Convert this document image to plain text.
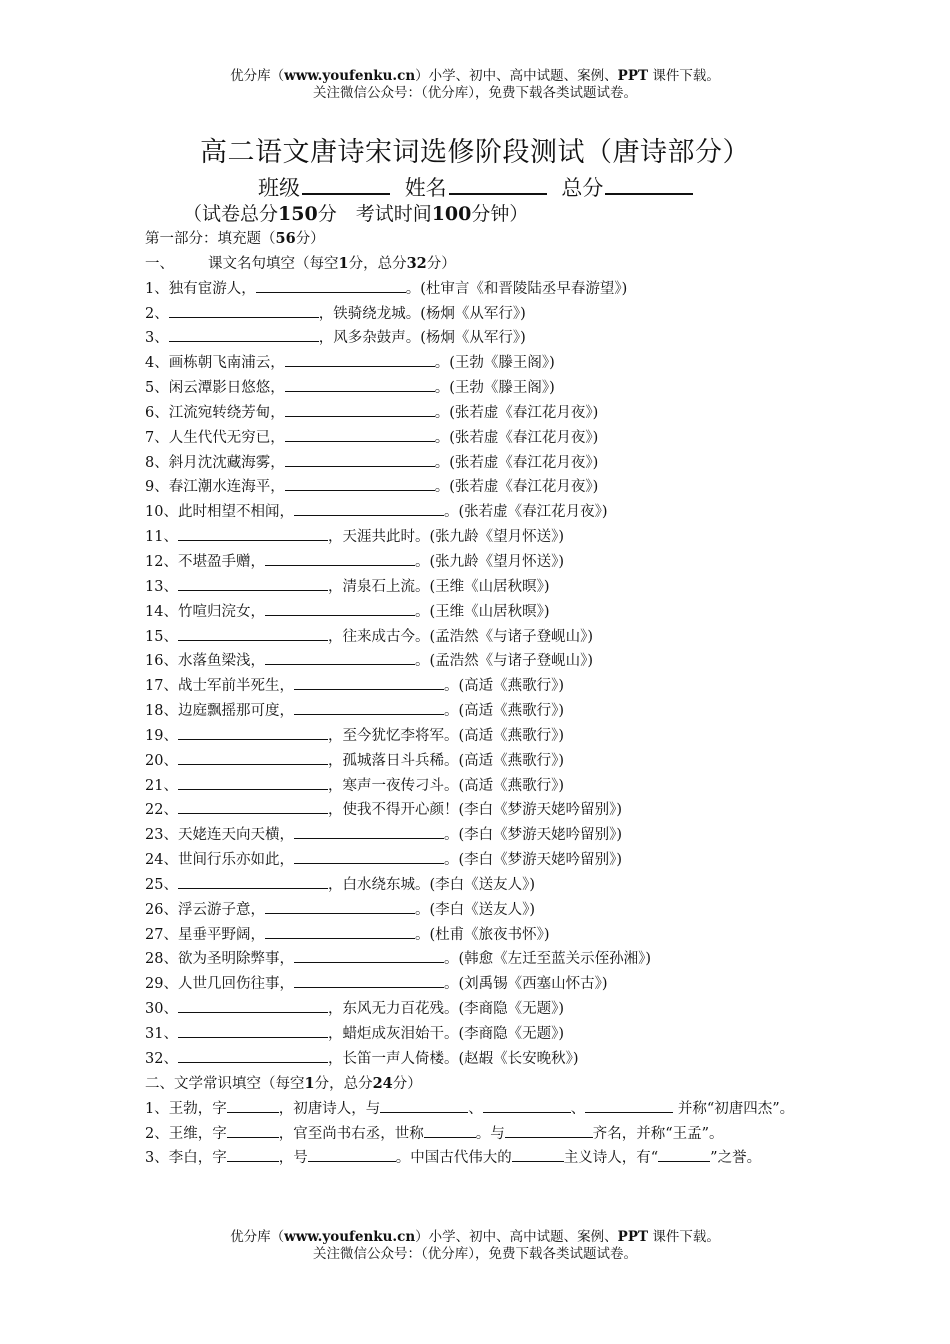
优分库（www.youfenku.cn）小学、初中、高中试题、案例、PPT 课件下载。
关注微信公众号：（优分库），免费下载各类试题试卷。
高二语文唐诗宋词选修阶段测试（唐诗部分）
班级	姓名	总分
（试卷总分150分　考试时间100分钟）
第一部分：填充题（56分）
一、 课文名句填空（每空1分，总分32分）
1、独有宦游人，	。(杜审言《和晋陵陆丞早春游望》)
2、	，铁骑绕龙城。(杨炯《从军行》)
3、	，风多杂鼓声。(杨炯《从军行》)
4、画栋朝飞南浦云，	。(王勃《滕王阁》)
5、闲云潭影日悠悠，	。(王勃《滕王阁》)
6、江流宛转绕芳甸，	。(张若虚《春江花月夜》)
7、人生代代无穷已，	。(张若虚《春江花月夜》)
8、斜月沈沈藏海雾，	。(张若虚《春江花月夜》)
9、春江潮水连海平，	。(张若虚《春江花月夜》)
10、此时相望不相闻，	。(张若虚《春江花月夜》)
11、	，天涯共此时。(张九龄《望月怀送》)
12、不堪盈手赠，	。(张九龄《望月怀送》)
13、	，清泉石上流。(王维《山居秋暝》)
14、竹喧归浣女，	。(王维《山居秋暝》)
15、	，往来成古今。(孟浩然《与诸子登岘山》)
16、水落鱼梁浅，	。(孟浩然《与诸子登岘山》)
17、战士军前半死生，	。(高适《燕歌行》)
18、边庭飘摇那可度，	。(高适《燕歌行》)
19、	，至今犹忆李将军。(高适《燕歌行》)
20、	，孤城落日斗兵稀。(高适《燕歌行》)
21、	，寒声一夜传刁斗。(高适《燕歌行》)
22、	，使我不得开心颜！(李白《梦游天姥吟留别》)
23、天姥连天向天横，	。(李白《梦游天姥吟留别》)
24、世间行乐亦如此，	。(李白《梦游天姥吟留别》)
25、	，白水绕东城。(李白《送友人》)
26、浮云游子意，	。(李白《送友人》)
27、星垂平野阔，	。(杜甫《旅夜书怀》)
28、欲为圣明除弊事，	。(韩愈《左迁至蓝关示侄孙湘》)
29、人世几回伤往事，	。(刘禹锡《西塞山怀古》)
30、	，东风无力百花残。(李商隐《无题》)
31、	，蜡炬成灰泪始干。(李商隐《无题》)
32、	，长笛一声人倚楼。(赵嘏《长安晚秋》)
二、文学常识填空（每空1分，总分24分）
1、王勃，字	，初唐诗人，与	、	、	并称“初唐四杰”。
2、王维，字	，官至尚书右丞，世称	。与	齐名，并称“王孟”。
3、李白，字	，号	。中国古代伟大的	主义诗人，有“	”之誉。
优分库（www.youfenku.cn）小学、初中、高中试题、案例、PPT 课件下载。
关注微信公众号：（优分库），免费下载各类试题试卷。
